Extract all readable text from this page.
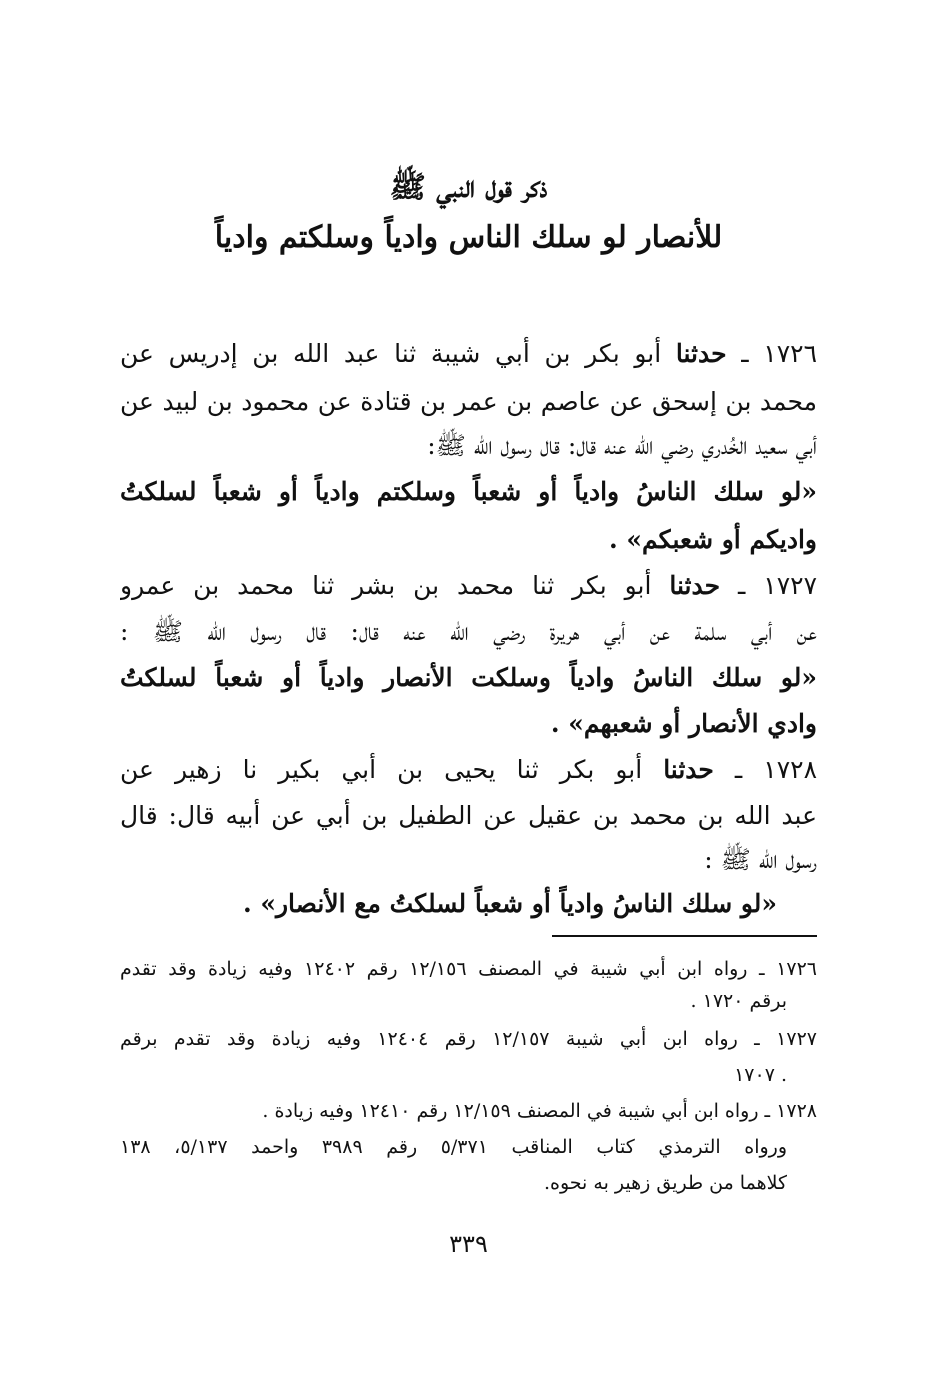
ذكر قول النبي ﷺ
للأنصار لو سلك الناس وادياً وسلكتم وادياً
١٧٢٦ ـ حدثنا أبو بكر بن أبي شيبة ثنا عبد الله بن إدريس عن
محمد بن إسحق عن عاصم بن عمر بن قتادة عن محمود بن لبيد عن
أبي سعيد الخُدري رضي الله عنه قال: قال رسول الله ﷺ:
«لو سلك الناسُ وادياً أو شعباً وسلكتم وادياً أو شعباً لسلكتُ
واديكم أو شعبكم» .
١٧٢٧ ـ حدثنا أبو بكر ثنا محمد بن بشر ثنا محمد بن عمرو
عن أبي سلمة عن أبي هريرة رضي الله عنه قال: قال رسول الله ﷺ :
«لو سلك الناسُ وادياً وسلكت الأنصار وادياً أو شعباً لسلكتُ
وادي الأنصار أو شعبهم» .
١٧٢٨ ـ حدثنا أبو بكر ثنا يحيى بن أبي بكير نا زهير عن
عبد الله بن محمد بن عقيل عن الطفيل بن أبي عن أبيه قال: قال
رسول الله ﷺ :
«لو سلك الناسُ وادياً أو شعباً لسلكتُ مع الأنصار» .
١٧٢٦ ـ رواه ابن أبي شيبة في المصنف ١٢/١٥٦ رقم ١٢٤٠٢ وفيه زيادة وقد تقدم
برقم ١٧٢٠ .
١٧٢٧ ـ رواه ابن أبي شيبة ١٢/١٥٧ رقم ١٢٤٠٤ وفيه زيادة وقد تقدم برقم
. ١٧٠٧
١٧٢٨ ـ رواه ابن أبي شيبة في المصنف ١٢/١٥٩ رقم ١٢٤١٠ وفيه زيادة .
ورواه الترمذي كتاب المناقب ٥/٣٧١ رقم ٣٩٨٩ واحمد ٥/١٣٧، ١٣٨
كلاهما من طريق زهير به نحوه.
٣٣٩
